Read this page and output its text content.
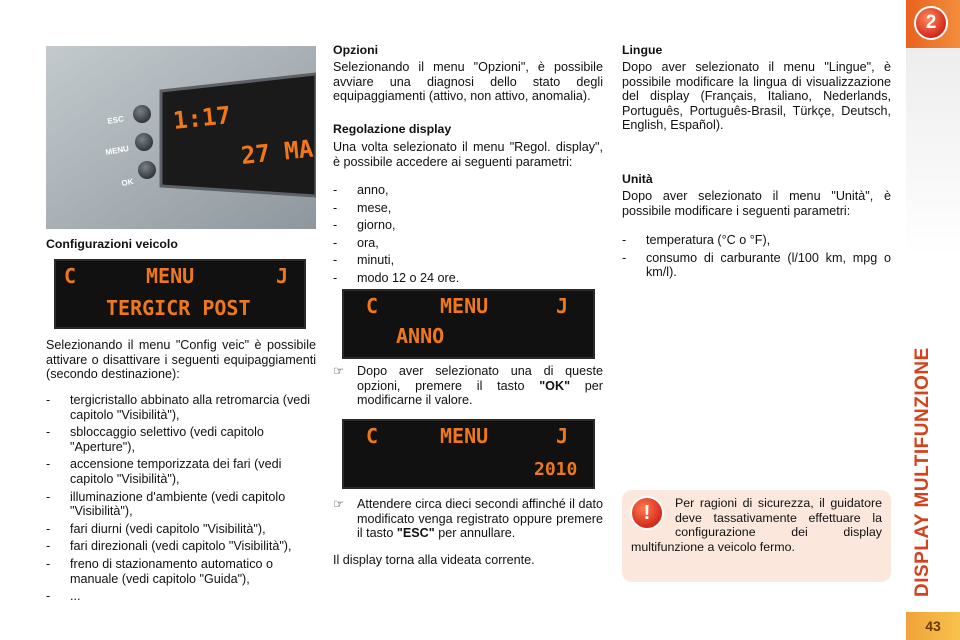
2
DISPLAY MULTIFUNZIONE
43
ESC
MENU
OK
1:17
27 MA
Configurazioni veicolo
C	MENU	J
TERGICR POST
Selezionando il menu "Config veic" è possibile attivare o disattivare i seguenti equipaggiamenti (secondo destinazione):
- tergicristallo abbinato alla retromarcia (vedi capitolo "Visibilità"),
- sbloccaggio selettivo (vedi capitolo "Aperture"),
- accensione temporizzata dei fari (vedi capitolo "Visibilità"),
- illuminazione d'ambiente (vedi capitolo "Visibilità"),
- fari diurni (vedi capitolo "Visibilità"),
- fari direzionali (vedi capitolo "Visibilità"),
- freno di stazionamento automatico o manuale (vedi capitolo "Guida"),
- ...
Opzioni
Selezionando il menu "Opzioni", è possibile avviare una diagnosi dello stato degli equipaggiamenti (attivo, non attivo, anomalia).
Regolazione display
Una volta selezionato il menu "Regol. display", è possibile accedere ai seguenti parametri:
- anno,
- mese,
- giorno,
- ora,
- minuti,
- modo 12 o 24 ore.
C	MENU	J
ANNO
☞	Dopo aver selezionato una di queste opzioni, premere il tasto "OK" per modificarne il valore.
C	MENU	J
2010
☞	Attendere circa dieci secondi affinché il dato modificato venga registrato oppure premere il tasto "ESC" per annullare.
Il display torna alla videata corrente.
Lingue
Dopo aver selezionato il menu "Lingue", è possibile modificare la lingua di visualizzazione del display (Français, Italiano, Nederlands, Português, Português-Brasil, Türkçe, Deutsch, English, Español).
Unità
Dopo aver selezionato il menu "Unità", è possibile modificare i seguenti parametri:
- temperatura (°C o °F),
- consumo di carburante (l/100 km, mpg o km/l).
!	Per ragioni di sicurezza, il guidatore deve tassativamente effettuare la configurazione dei display multifunzione a veicolo fermo.
